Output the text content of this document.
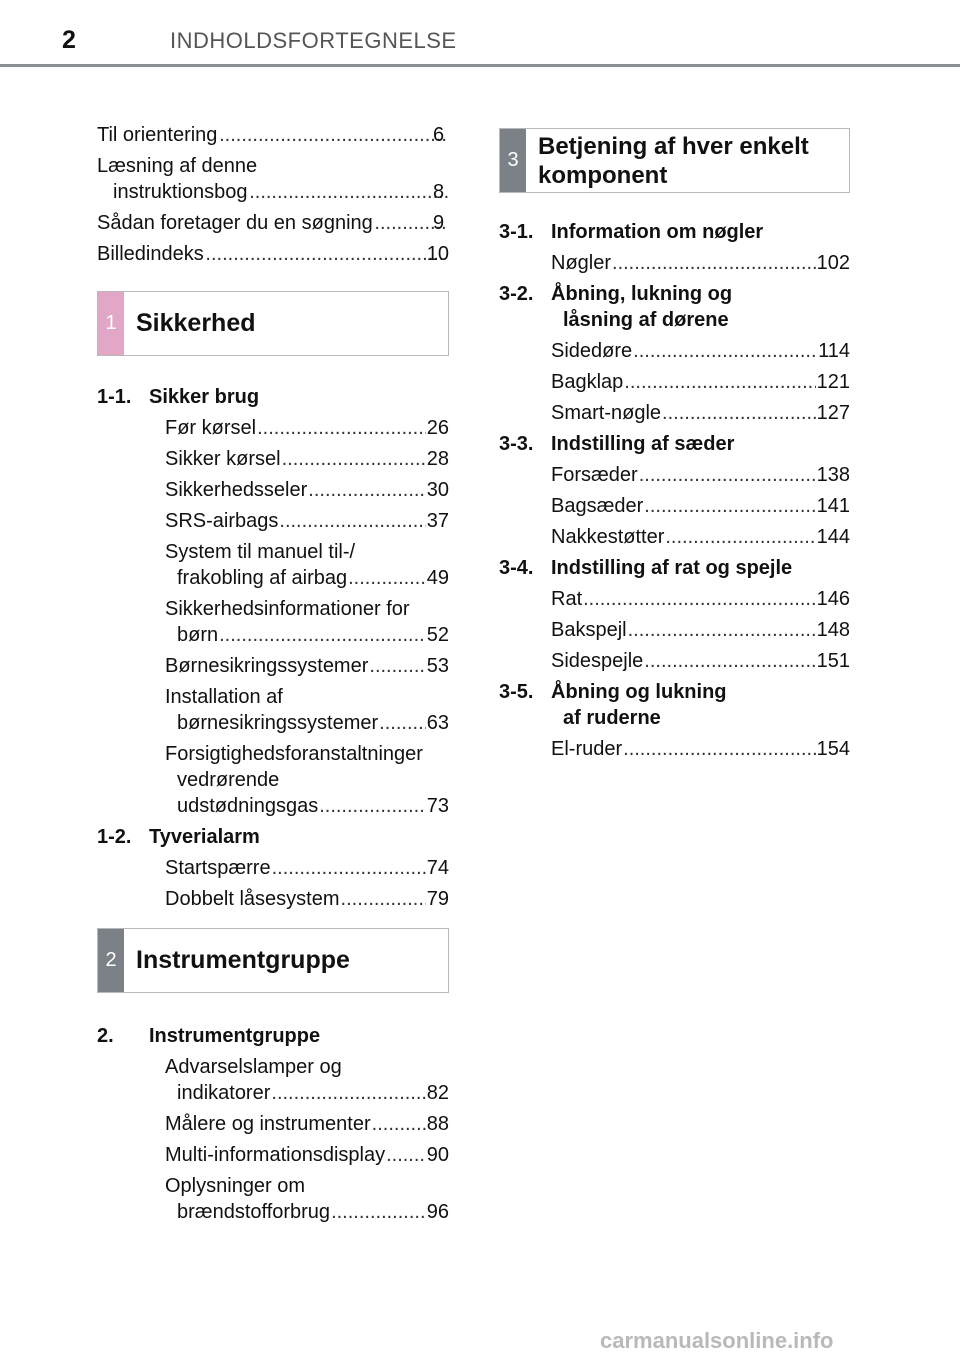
2	INDHOLDSFORTEGNELSE
Til orientering .....	6
Læsning af denne
instruktionsbog .....	8
Sådan foretager du en søgning .....	9
Billedindeks .....	10
1 Sikkerhed
1-1. Sikker brug
Før kørsel .....	26
Sikker kørsel .....	28
Sikkerhedsseler .....	30
SRS-airbags .....	37
System til manuel til-/
frakobling af airbag .....	49
Sikkerhedsinformationer for
børn .....	52
Børnesikringssystemer .....	53
Installation af
børnesikringssystemer ..... 63
Forsigtighedsforanstaltninger
vedrørende
udstødningsgas .....	73
1-2. Tyverialarm
Startspærre .....	74
Dobbelt låsesystem .....	79
2 Instrumentgruppe
2.	Instrumentgruppe
Advarselslamper og
indikatorer .....	82
Målere og instrumenter .....	88
Multi-informationsdisplay ..... 90
Oplysninger om
brændstofforbrug .....	96
3
Betjening af hver enkelt komponent
3-1. Information om nøgler
Nøgler .....	102
3-2. Åbning, lukning og
låsning af dørene
Sidedøre .....	114
Bagklap .....	121
Smart-nøgle .....	127
3-3. Indstilling af sæder
Forsæder .....	138
Bagsæder .....	141
Nakkestøtter .....	144
3-4. Indstilling af rat og spejle
Rat .....	146
Bakspejl .....	148
Sidespejle .....	151
3-5. Åbning og lukning
af ruderne
El-ruder .....	154
carmanualsonline.info
